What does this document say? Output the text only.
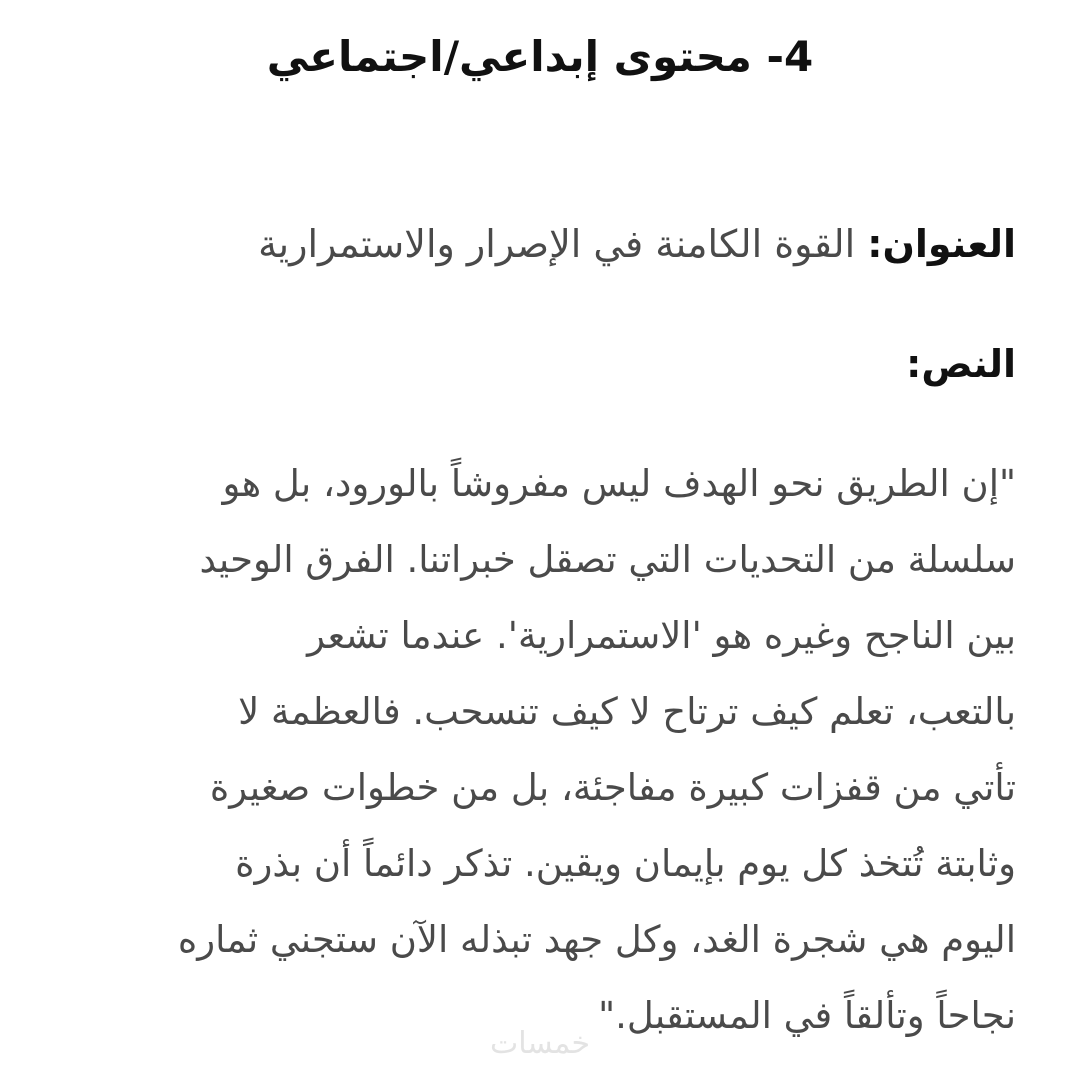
4- محتوى إبداعي/اجتماعي
العنوان: القوة الكامنة في الإصرار والاستمرارية
النص:
"إن الطريق نحو الهدف ليس مفروشاً بالورود، بل هو
سلسلة من التحديات التي تصقل خبراتنا. الفرق الوحيد
بين الناجح وغيره هو 'الاستمرارية'. عندما تشعر
بالتعب، تعلم كيف ترتاح لا كيف تنسحب. فالعظمة لا
تأتي من قفزات كبيرة مفاجئة، بل من خطوات صغيرة
وثابتة تُتخذ كل يوم بإيمان ويقين. تذكر دائماً أن بذرة
اليوم هي شجرة الغد، وكل جهد تبذله الآن ستجني ثماره
نجاحاً وتألقاً في المستقبل."
خمسات
